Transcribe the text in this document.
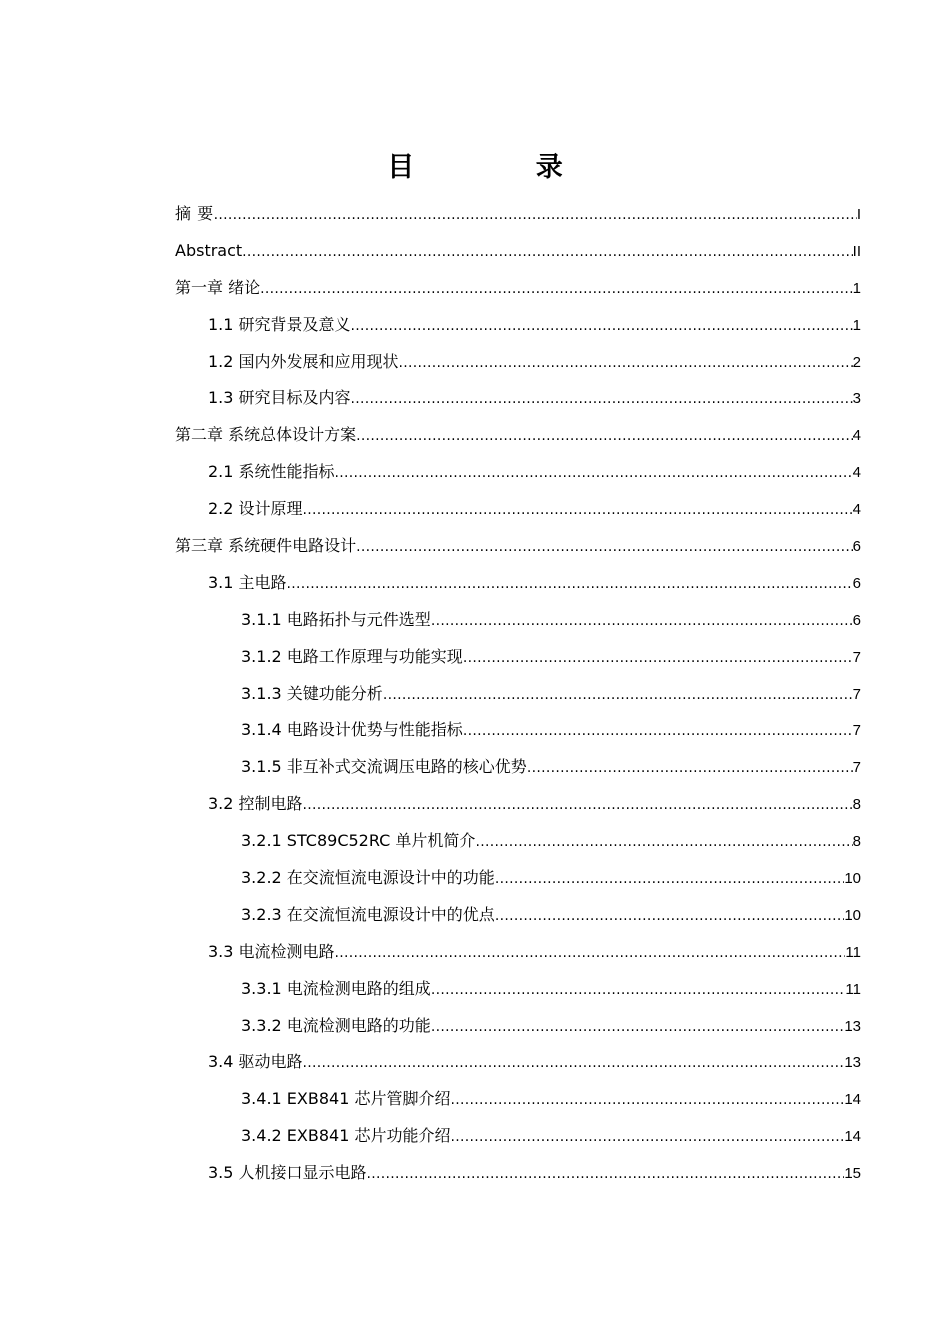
目 录
摘 要 .....	I
Abstract .....	II
第一章 绪论 .....	1
1.1 研究背景及意义 .....	1
1.2 国内外发展和应用现状 .....	2
1.3 研究目标及内容 .....	3
第二章 系统总体设计方案 .....	4
2.1 系统性能指标 .....	4
2.2 设计原理 .....	4
第三章 系统硬件电路设计 .....	6
3.1 主电路 .....	6
3.1.1 电路拓扑与元件选型 .....	6
3.1.2 电路工作原理与功能实现 .....	7
3.1.3 关键功能分析 .....	7
3.1.4 电路设计优势与性能指标 .....	7
3.1.5 非互补式交流调压电路的核心优势 .....	7
3.2 控制电路 .....	8
3.2.1 STC89C52RC 单片机简介 .....	8
3.2.2 在交流恒流电源设计中的功能 .....	10
3.2.3 在交流恒流电源设计中的优点 .....	10
3.3 电流检测电路 .....	11
3.3.1 电流检测电路的组成 .....	11
3.3.2 电流检测电路的功能 .....	13
3.4 驱动电路 .....	13
3.4.1 EXB841 芯片管脚介绍 .....	14
3.4.2 EXB841 芯片功能介绍 .....	14
3.5 人机接口显示电路 .....	15
